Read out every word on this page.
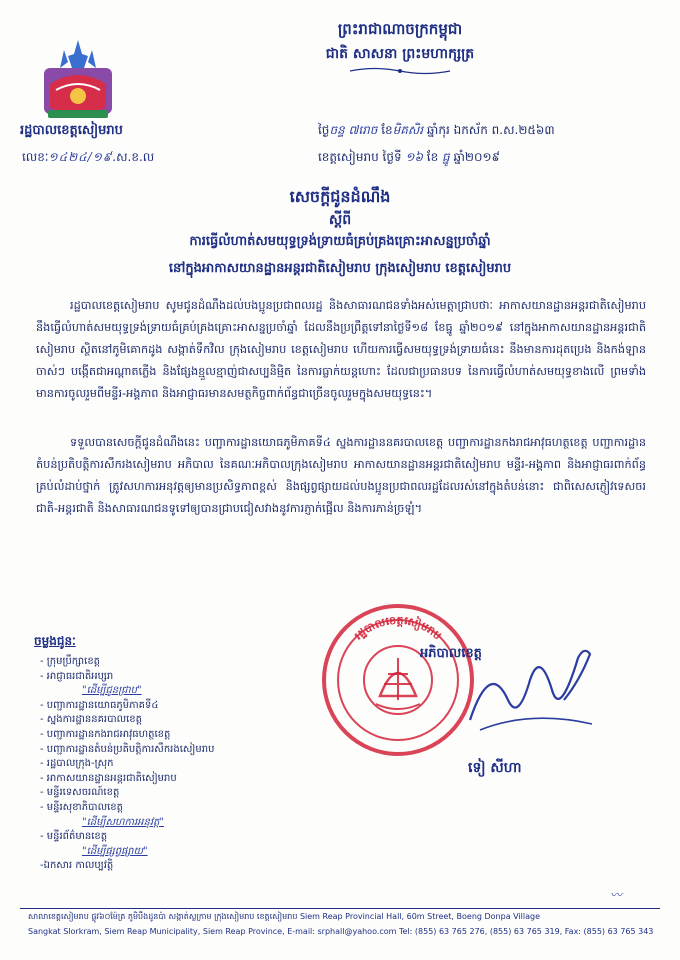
ព្រះរាជាណាចក្រកម្ពុជា
ជាតិ សាសនា ព្រះមហាក្សត្រ
រដ្ឋបាលខេត្តសៀមរាប
លេខៈ១៤២៤/១៩.ស.ខ.ល
ថ្ងៃចន្ទ ៧រោច ខែមិគសិរ ឆ្នាំកុរ ឯកស័ក ព.ស.២៥៦៣
ខេត្តសៀមរាប ថ្ងៃទី ១៦ ខែ ធ្នូ ឆ្នាំ២០១៩
សេចក្តីជូនដំណឹង
ស្តីពី
ការធ្វើលំហាត់សមយុទ្ធទ្រង់ទ្រាយធំគ្រប់គ្រងគ្រោះអាសន្នប្រចាំឆ្នាំ
នៅក្នុងអាកាសយានដ្ឋានអន្តរជាតិសៀមរាប ក្រុងសៀមរាប ខេត្តសៀមរាប
រដ្ឋបាលខេត្តសៀមរាប សូមជូនដំណឹងដល់បងប្អូនប្រជាពលរដ្ឋ និងសាធារណជនទាំងអស់មេត្តាជ្រាបថាៈ អាកាសយានដ្ឋានអន្តរជាតិសៀមរាប នឹងធ្វើលំហាត់សមយុទ្ធទ្រង់ទ្រាយធំគ្រប់គ្រងគ្រោះអាសន្នប្រចាំឆ្នាំ ដែលនឹងប្រព្រឹត្តទៅនាថ្ងៃទី១៨ ខែធ្នូ ឆ្នាំ២០១៩ នៅក្នុងអាកាសយានដ្ឋានអន្តរជាតិសៀមរាប ស្ថិតនៅភូមិគោកដូង សង្កាត់ទឹកវិល ក្រុងសៀមរាប ខេត្តសៀមរាប ហើយការធ្វើសមយុទ្ធទ្រង់ទ្រាយធំនេះ នឹងមានការដុតប្រេង និងកង់ឡានចាស់ៗ បង្កើតជាអណ្តាតភ្លើង និងផ្សែងខ្មួលខ្មាញ់ជាសប្បនិម្មិត នៃការធ្លាក់យន្តហោះ ដែលជាប្រធានបទ នៃការធ្វើលំហាត់សមយុទ្ធខាងលើ ព្រមទាំងមានការចូលរួមពីមន្ទីរ-អង្គភាព និងអាជ្ញាធរមានសមត្ថកិច្ចពាក់ព័ន្ធជាច្រើនចូលរួមក្នុងសមយុទ្ធនេះ។
ទទួលបានសេចក្តីជូនដំណឹងនេះ បញ្ជាការដ្ឋានយោធភូមិភាគទី៤ ស្នងការដ្ឋាននគរបាលខេត្ត បញ្ជាការដ្ឋានកងរាជអាវុធហត្ថខេត្ត បញ្ជាការដ្ឋានតំបន់ប្រតិបត្តិការសឹករងសៀមរាប អភិបាល នៃគណៈអភិបាលក្រុងសៀមរាប អាកាសយានដ្ឋានអន្តរជាតិសៀមរាប មន្ទីរ-អង្គភាព និងអាជ្ញាធរពាក់ព័ន្ធគ្រប់លំដាប់ថ្នាក់ ត្រូវសហការអនុវត្តឲ្យមានប្រសិទ្ធភាពខ្ពស់ និងផ្សព្វផ្សាយដល់បងប្អូនប្រជាពលរដ្ឋដែលរស់នៅក្នុងតំបន់នោះ ជាពិសេសភ្ញៀវទេសចរជាតិ-អន្តរជាតិ និងសាធារណជនទូទៅឲ្យបានជ្រាបជៀសវាងនូវការភ្ញាក់ផ្អើល និងការភាន់ច្រឡំ។
ចម្លងជូនៈ
- ក្រុមប្រឹក្សាខេត្ត
- អាជ្ញាធរជាតិអប្សរា
"ដើម្បីជូនជ្រាប"
- បញ្ជាការដ្ឋានយោធភូមិភាគទី៤
- ស្នងការដ្ឋាននគរបាលខេត្ត
- បញ្ជាការដ្ឋានកងរាជអាវុធហត្ថខេត្ត
- បញ្ជាការដ្ឋានតំបន់ប្រតិបត្តិការសឹករងសៀមរាប
- រដ្ឋបាលក្រុង-ស្រុក
- អាកាសយានដ្ឋានអន្តរជាតិសៀមរាប
- មន្ទីរទេសចរណ៍ខេត្ត
- មន្ទីរសុខាភិបាលខេត្ត
"ដើម្បីសហការអនុវត្ត"
- មន្ទីរព័ត៌មានខេត្ត
"ដើម្បីផ្សព្វផ្សាយ"
-ឯកសារ កាលប្បវត្តិ
រដ្ឋបាលខេត្តសៀមរាប
អភិបាលខេត្ត
ទៀ សីហា
〰
សាលាខេត្តសៀមរាប ផ្លូវ៦០ម៉ែត្រ ភូមិបឹងដូនប៉ា សង្កាត់ស្លក្រាម ក្រុងសៀមរាប ខេត្តសៀមរាប Siem Reap Provincial Hall, 60m Street, Boeng Donpa Village
Sangkat Slorkram, Siem Reap Municipality, Siem Reap Province, E-mail: srphall@yahoo.com Tel: (855) 63 765 276, (855) 63 765 319, Fax: (855) 63 765 343
